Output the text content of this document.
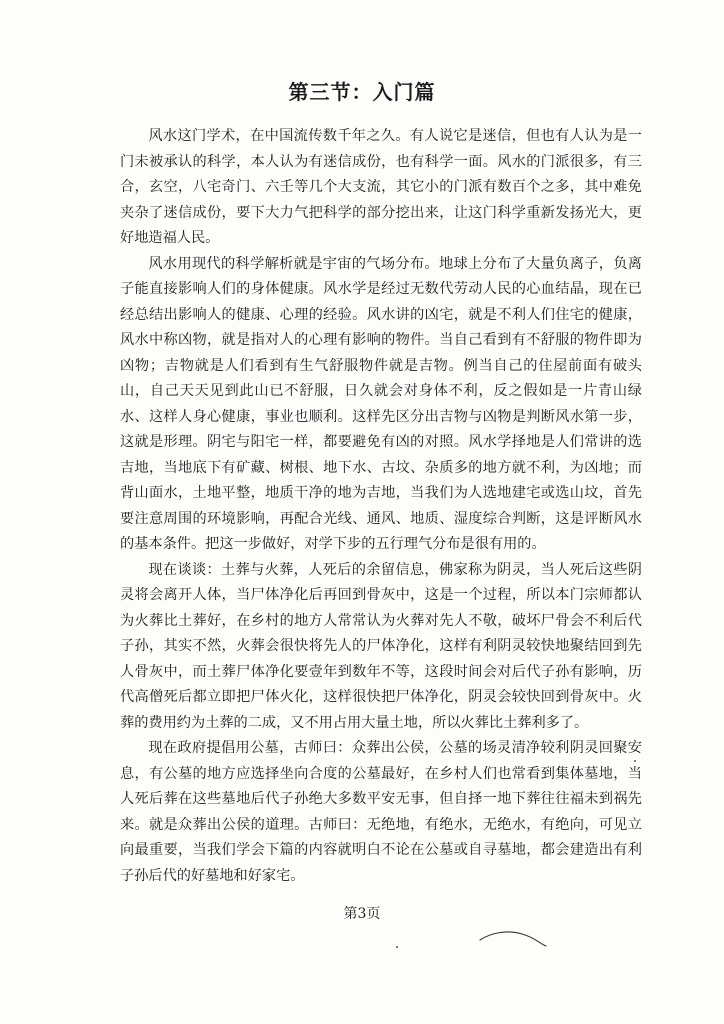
第三节：入门篇

风水这门学术，在中国流传数千年之久。有人说它是迷信，但也有人认为是一门未被承认的科学，本人认为有迷信成份，也有科学一面。风水的门派很多，有三合，玄空，八宅奇门、六壬等几个大支流，其它小的门派有数百个之多，其中难免夹杂了迷信成份，要下大力气把科学的部分挖出来，让这门科学重新发扬光大，更好地造福人民。

风水用现代的科学解析就是宇宙的气场分布。地球上分布了大量负离子，负离子能直接影响人们的身体健康。风水学是经过无数代劳动人民的心血结晶，现在已经总结出影响人的健康、心理的经验。风水讲的凶宅，就是不利人们住宅的健康，风水中称凶物，就是指对人的心理有影响的物件。当自己看到有不舒服的物件即为凶物；吉物就是人们看到有生气舒服物件就是吉物。例当自己的住屋前面有破头山，自己天天见到此山已不舒服，日久就会对身体不利，反之假如是一片青山绿水、这样人身心健康，事业也顺利。这样先区分出吉物与凶物是判断风水第一步，这就是形理。阴宅与阳宅一样，都要避免有凶的对照。风水学择地是人们常讲的选吉地，当地底下有矿藏、树根、地下水、古坟、杂质多的地方就不利，为凶地；而背山面水，土地平整，地质干净的地为吉地，当我们为人选地建宅或选山坟，首先要注意周围的环境影响，再配合光线、通风、地质、湿度综合判断，这是评断风水的基本条件。把这一步做好，对学下步的五行理气分布是很有用的。

现在谈谈：土葬与火葬，人死后的余留信息，佛家称为阴灵，当人死后这些阴灵将会离开人体，当尸体净化后再回到骨灰中，这是一个过程，所以本门宗师都认为火葬比土葬好，在乡村的地方人常常认为火葬对先人不敬，破坏尸骨会不利后代子孙，其实不然，火葬会很快将先人的尸体净化，这样有利阴灵较快地聚结回到先人骨灰中，而土葬尸体净化要壹年到数年不等，这段时间会对后代子孙有影响，历代高僧死后都立即把尸体火化，这样很快把尸体净化，阴灵会较快回到骨灰中。火葬的费用约为土葬的二成，又不用占用大量土地，所以火葬比土葬利多了。

现在政府提倡用公墓，古师曰：众葬出公侯，公墓的场灵清净较利阴灵回聚安息，有公墓的地方应选择坐向合度的公墓最好，在乡村人们也常看到集体墓地，当人死后葬在这些墓地后代子孙绝大多数平安无事，但自择一地下葬往往福未到祸先来。就是众葬出公侯的道理。古师曰：无绝地，有绝水，无绝水，有绝向，可见立向最重要，当我们学会下篇的内容就明白不论在公墓或自寻墓地，都会建造出有利子孙后代的好墓地和好家宅。

第3页
